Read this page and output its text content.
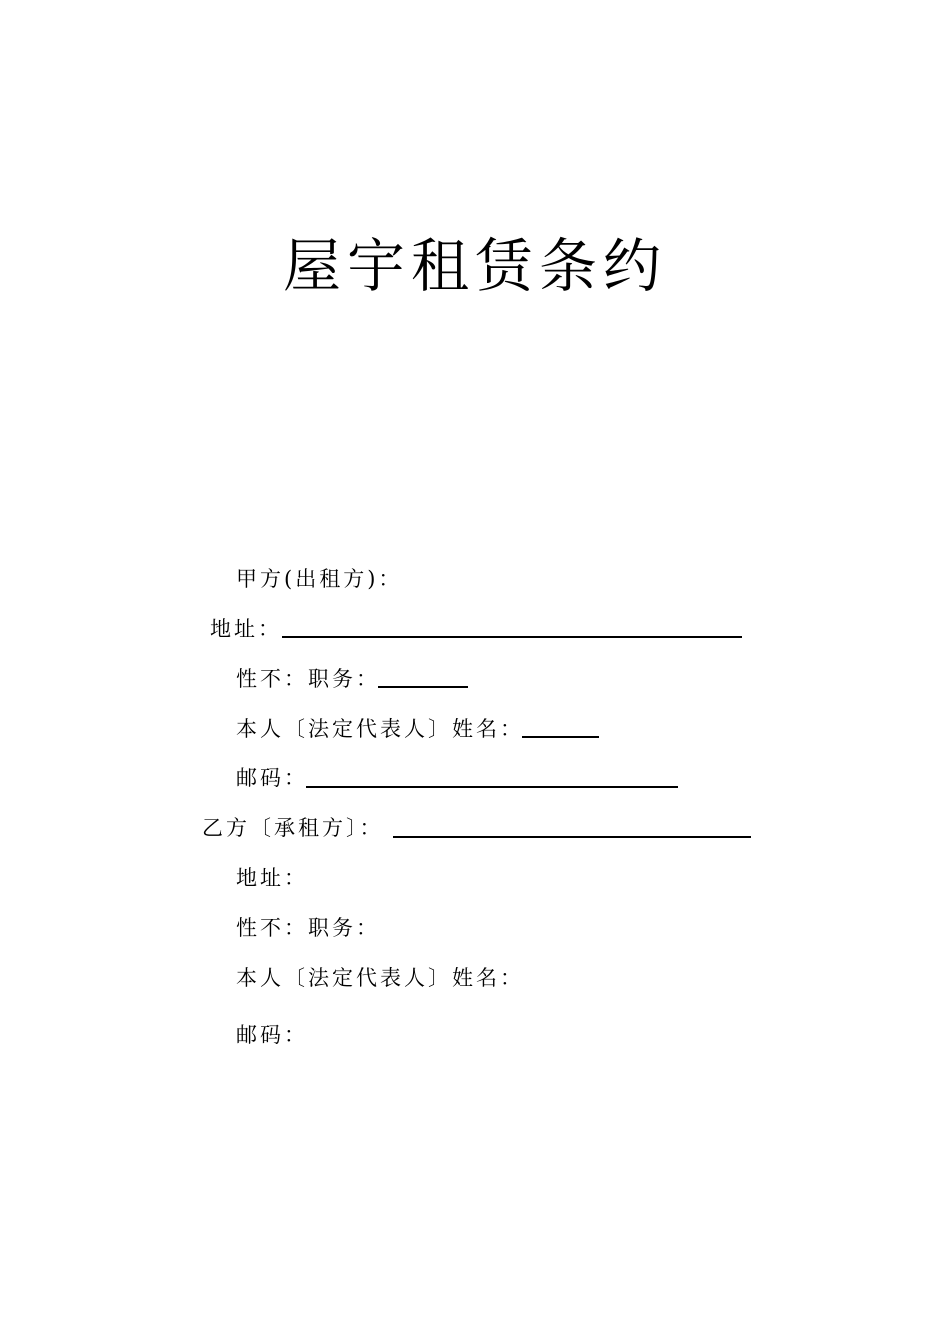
屋宇租赁条约
甲方(出租方)：
地址：
性不：职务：
本人〔法定代表人〕姓名：
邮码：
乙方〔承租方〕：
地址：
性不：职务：
本人〔法定代表人〕姓名：
邮码：
